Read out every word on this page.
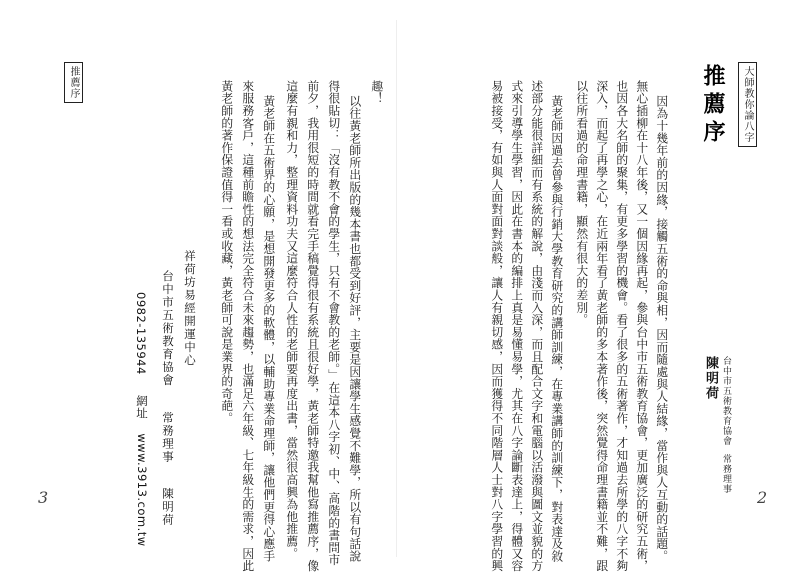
大師教你論八字
推薦序
台中市五術教育協會 常務理事
陳明荷
因為十幾年前的因緣，接觸五術的命與相，因而隨處與人結緣，當作與人互動的話題。
無心插柳在十八年後，又一個因緣再起，參與台中市五術教育協會，更加廣泛的研究五術，
也因各大名師的聚集，有更多學習的機會。看了很多的五術著作，才知過去所學的八字不夠
深入，而起了再學之心，在近兩年看了黃老師的多本著作後，突然覺得命理書籍並不難，跟
以往所看過的命理書籍，顯然有很大的差別。
黃老師因過去曾參與行銷大學教育研究的講師訓練，在專業講師的訓練下，對表達及敘
述部分能很詳細而有系統的解說，由淺而入深，而且配合文字和電腦以活潑與圖文並貌的方
式來引導學生學習，因此在書本的編排上真是易懂易學，尤其在八字論斷表達上，得體又容
易被接受，有如與人面對面對談般，讓人有親切感，因而獲得不同階層人士對八字學習的興
趣！
2
推薦序
以往黃老師所出版的幾本書也都受到好評，主要是因讓學生感覺不難學，所以有句話說
得很貼切：「沒有教不會的學生，只有不會教的老師。」在這本八字初、中、高階的書問市
前夕，我用很短的時間就看完手稿覺得很有系統且很好學，黃老師特邀我幫他寫推薦序，像
這麼有親和力，整理資料功夫又這麼符合人性的老師要再度出書，當然很高興為他推薦。
黃老師在五術界的心願，是想開發更多的軟體，以輔助專業命理師，讓他們更得心應手
來服務客戶，這種前瞻性的想法完全符合未來趨勢，也滿足六年級、七年級生的需求，因此
黃老師的著作保證值得一看或收藏，黃老師可說是業界的奇葩。
祥荷坊易經開運中心
台中市五術教育協會  常務理事  陳明荷
0982-135944
網址  www.3913.com.tw
3
